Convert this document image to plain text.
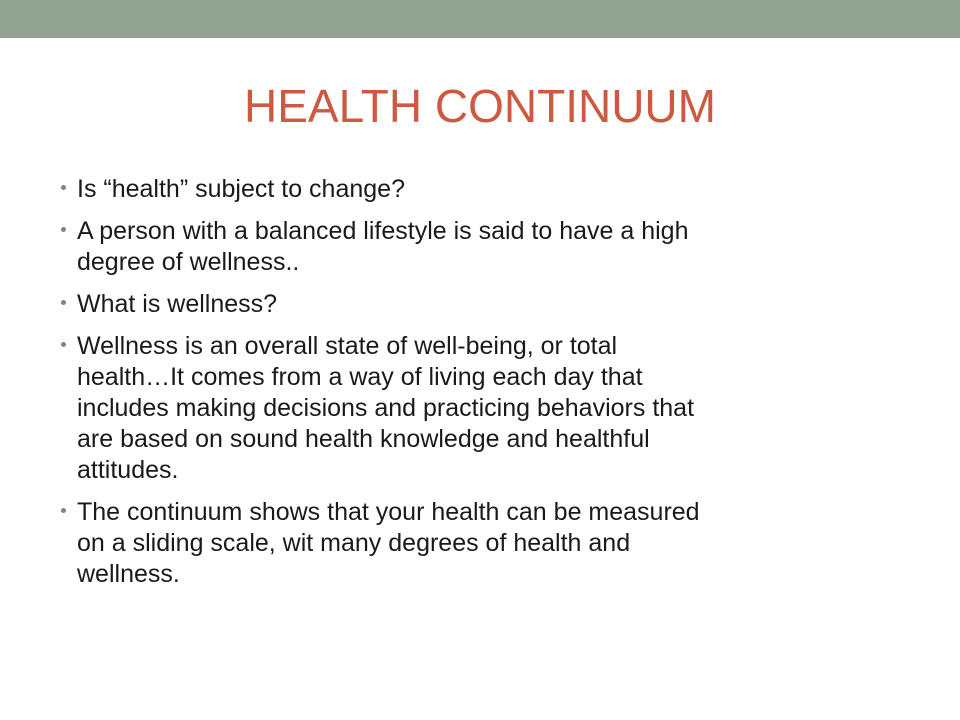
HEALTH CONTINUUM
Is “health” subject to change?
A person with a balanced lifestyle is said to have a high
degree of wellness..
What is wellness?
Wellness is an overall state of well-being, or total
health…It comes from a way of living each day that
includes making decisions and practicing behaviors that
are based on sound health knowledge and healthful
attitudes.
The continuum shows that your health can be measured
on a sliding scale, wit many degrees of health and
wellness.
